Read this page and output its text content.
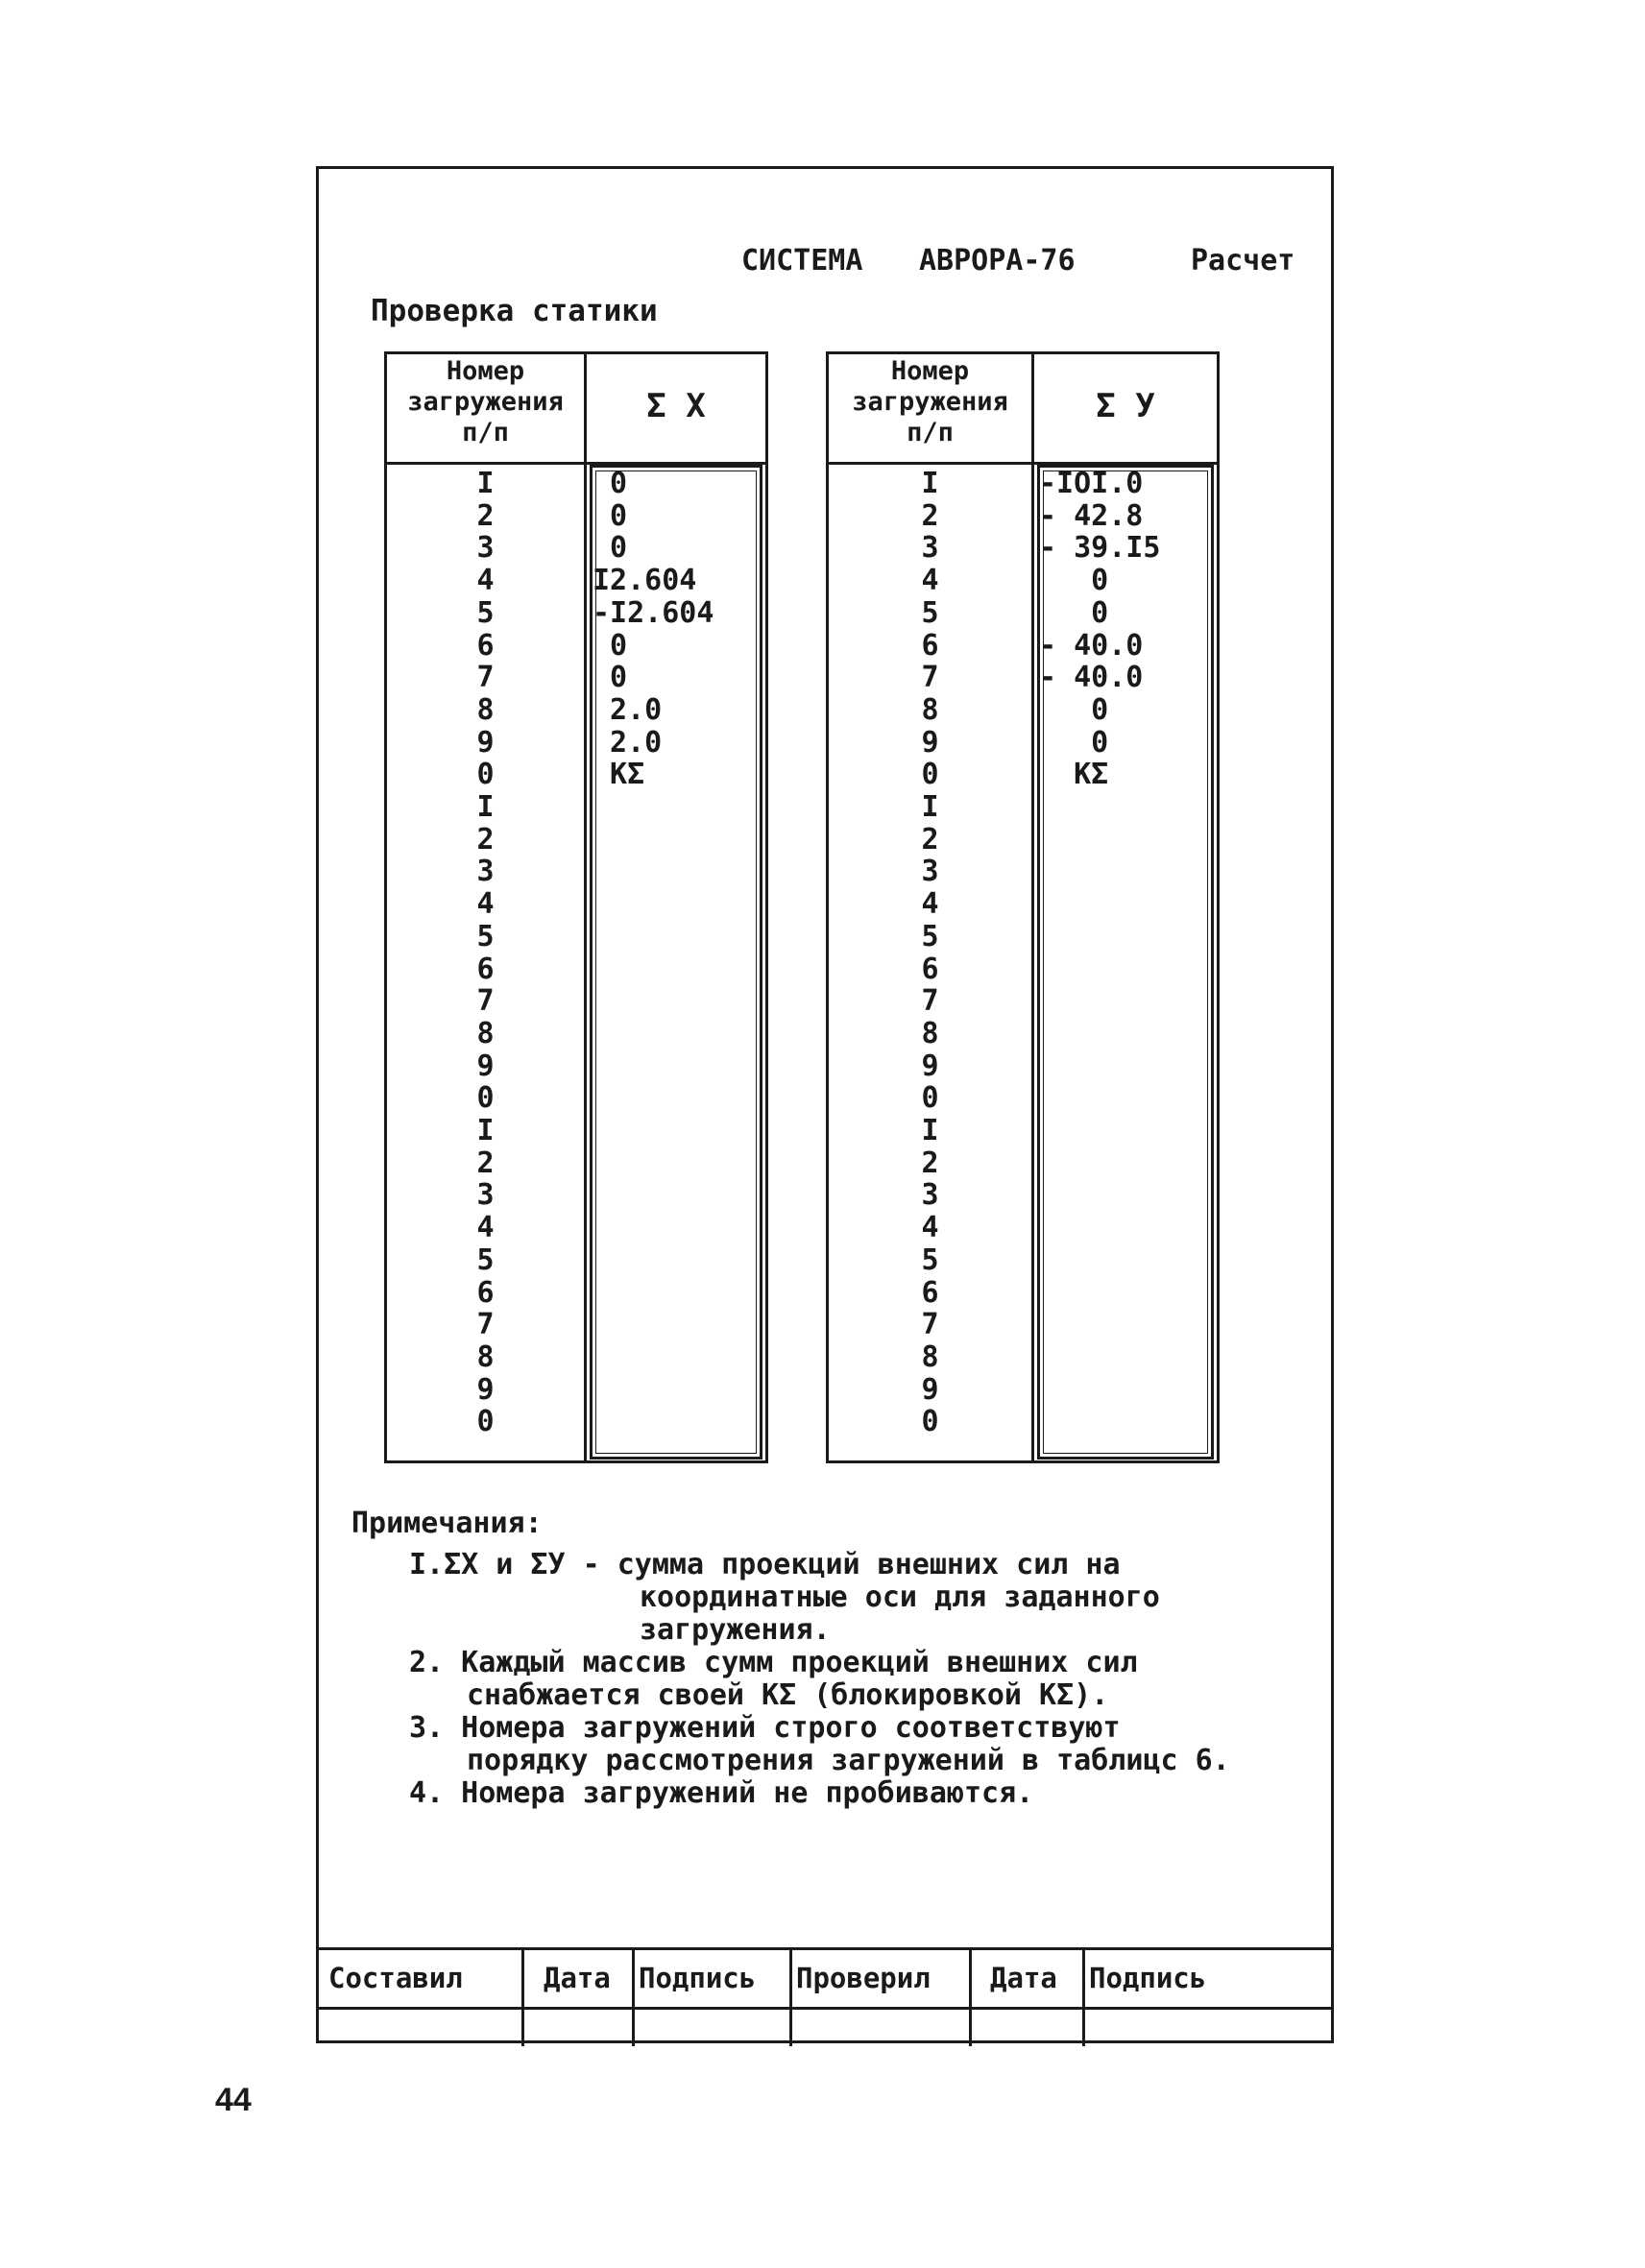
СИСТЕМА АВРОРА-76	Расчет
Проверка статики
Номер
загружения
п/п
Σ X
I
2
3
4
5
6
7
8
9
0
I
2
3
4
5
6
7
8
9
0
I
2
3
4
5
6
7
8
9
0
0
0
0
I2.604
-I2.604
0
0
2.0
2.0
KΣ
Номер
загружения
п/п
Σ У
I
2
3
4
5
6
7
8
9
0
I
2
3
4
5
6
7
8
9
0
I
2
3
4
5
6
7
8
9
0
-IOI.0
- 42.8
- 39.I5
0
0
- 40.0
- 40.0
0
0
KΣ
Примечания:
I.ΣX и ΣУ - сумма проекций внешних сил на
координатные оси для заданного
загружения.
2. Каждый массив сумм проекций внешних сил
снабжается своей KΣ (блокировкой KΣ).
3. Номера загружений строго соответствуют
порядку рассмотрения загружений в таблицс 6.
4. Номера загружений не пробиваются.
Составил	Дата Подпись Проверил Дата Подпись
44
